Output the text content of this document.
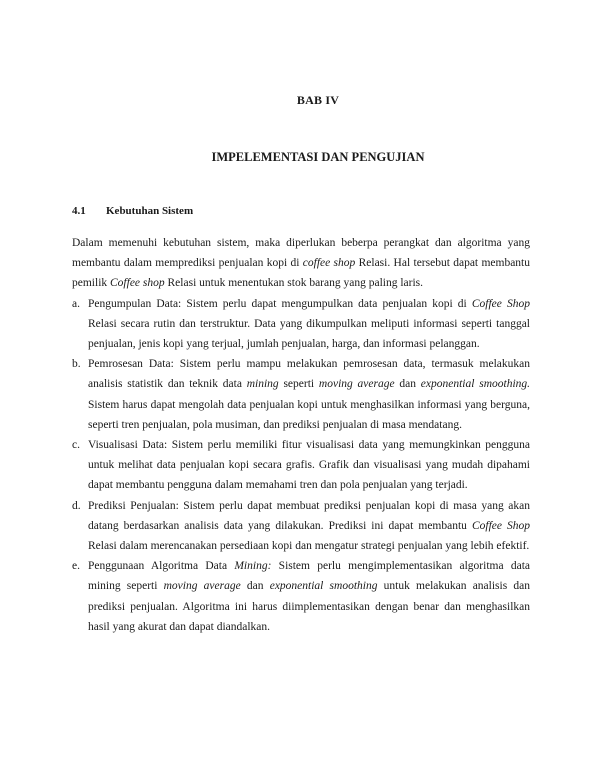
BAB IV
IMPELEMENTASI DAN PENGUJIAN
4.1 Kebutuhan Sistem

Dalam memenuhi kebutuhan sistem, maka diperlukan beberpa perangkat dan algoritma yang membantu dalam memprediksi penjualan kopi di coffee shop Relasi. Hal tersebut dapat membantu pemilik Coffee shop Relasi untuk menentukan stok barang yang paling laris.

a. Pengumpulan Data: Sistem perlu dapat mengumpulkan data penjualan kopi di Coffee Shop Relasi secara rutin dan terstruktur. Data yang dikumpulkan meliputi informasi seperti tanggal penjualan, jenis kopi yang terjual, jumlah penjualan, harga, dan informasi pelanggan.
b. Pemrosesan Data: Sistem perlu mampu melakukan pemrosesan data, termasuk melakukan analisis statistik dan teknik data mining seperti moving average dan exponential smoothing. Sistem harus dapat mengolah data penjualan kopi untuk menghasilkan informasi yang berguna, seperti tren penjualan, pola musiman, dan prediksi penjualan di masa mendatang.
c. Visualisasi Data: Sistem perlu memiliki fitur visualisasi data yang memungkinkan pengguna untuk melihat data penjualan kopi secara grafis. Grafik dan visualisasi yang mudah dipahami dapat membantu pengguna dalam memahami tren dan pola penjualan yang terjadi.
d. Prediksi Penjualan: Sistem perlu dapat membuat prediksi penjualan kopi di masa yang akan datang berdasarkan analisis data yang dilakukan. Prediksi ini dapat membantu Coffee Shop Relasi dalam merencanakan persediaan kopi dan mengatur strategi penjualan yang lebih efektif.
e. Penggunaan Algoritma Data Mining: Sistem perlu mengimplementasikan algoritma data mining seperti moving average dan exponential smoothing untuk melakukan analisis dan prediksi penjualan. Algoritma ini harus diimplementasikan dengan benar dan menghasilkan hasil yang akurat dan dapat diandalkan.
